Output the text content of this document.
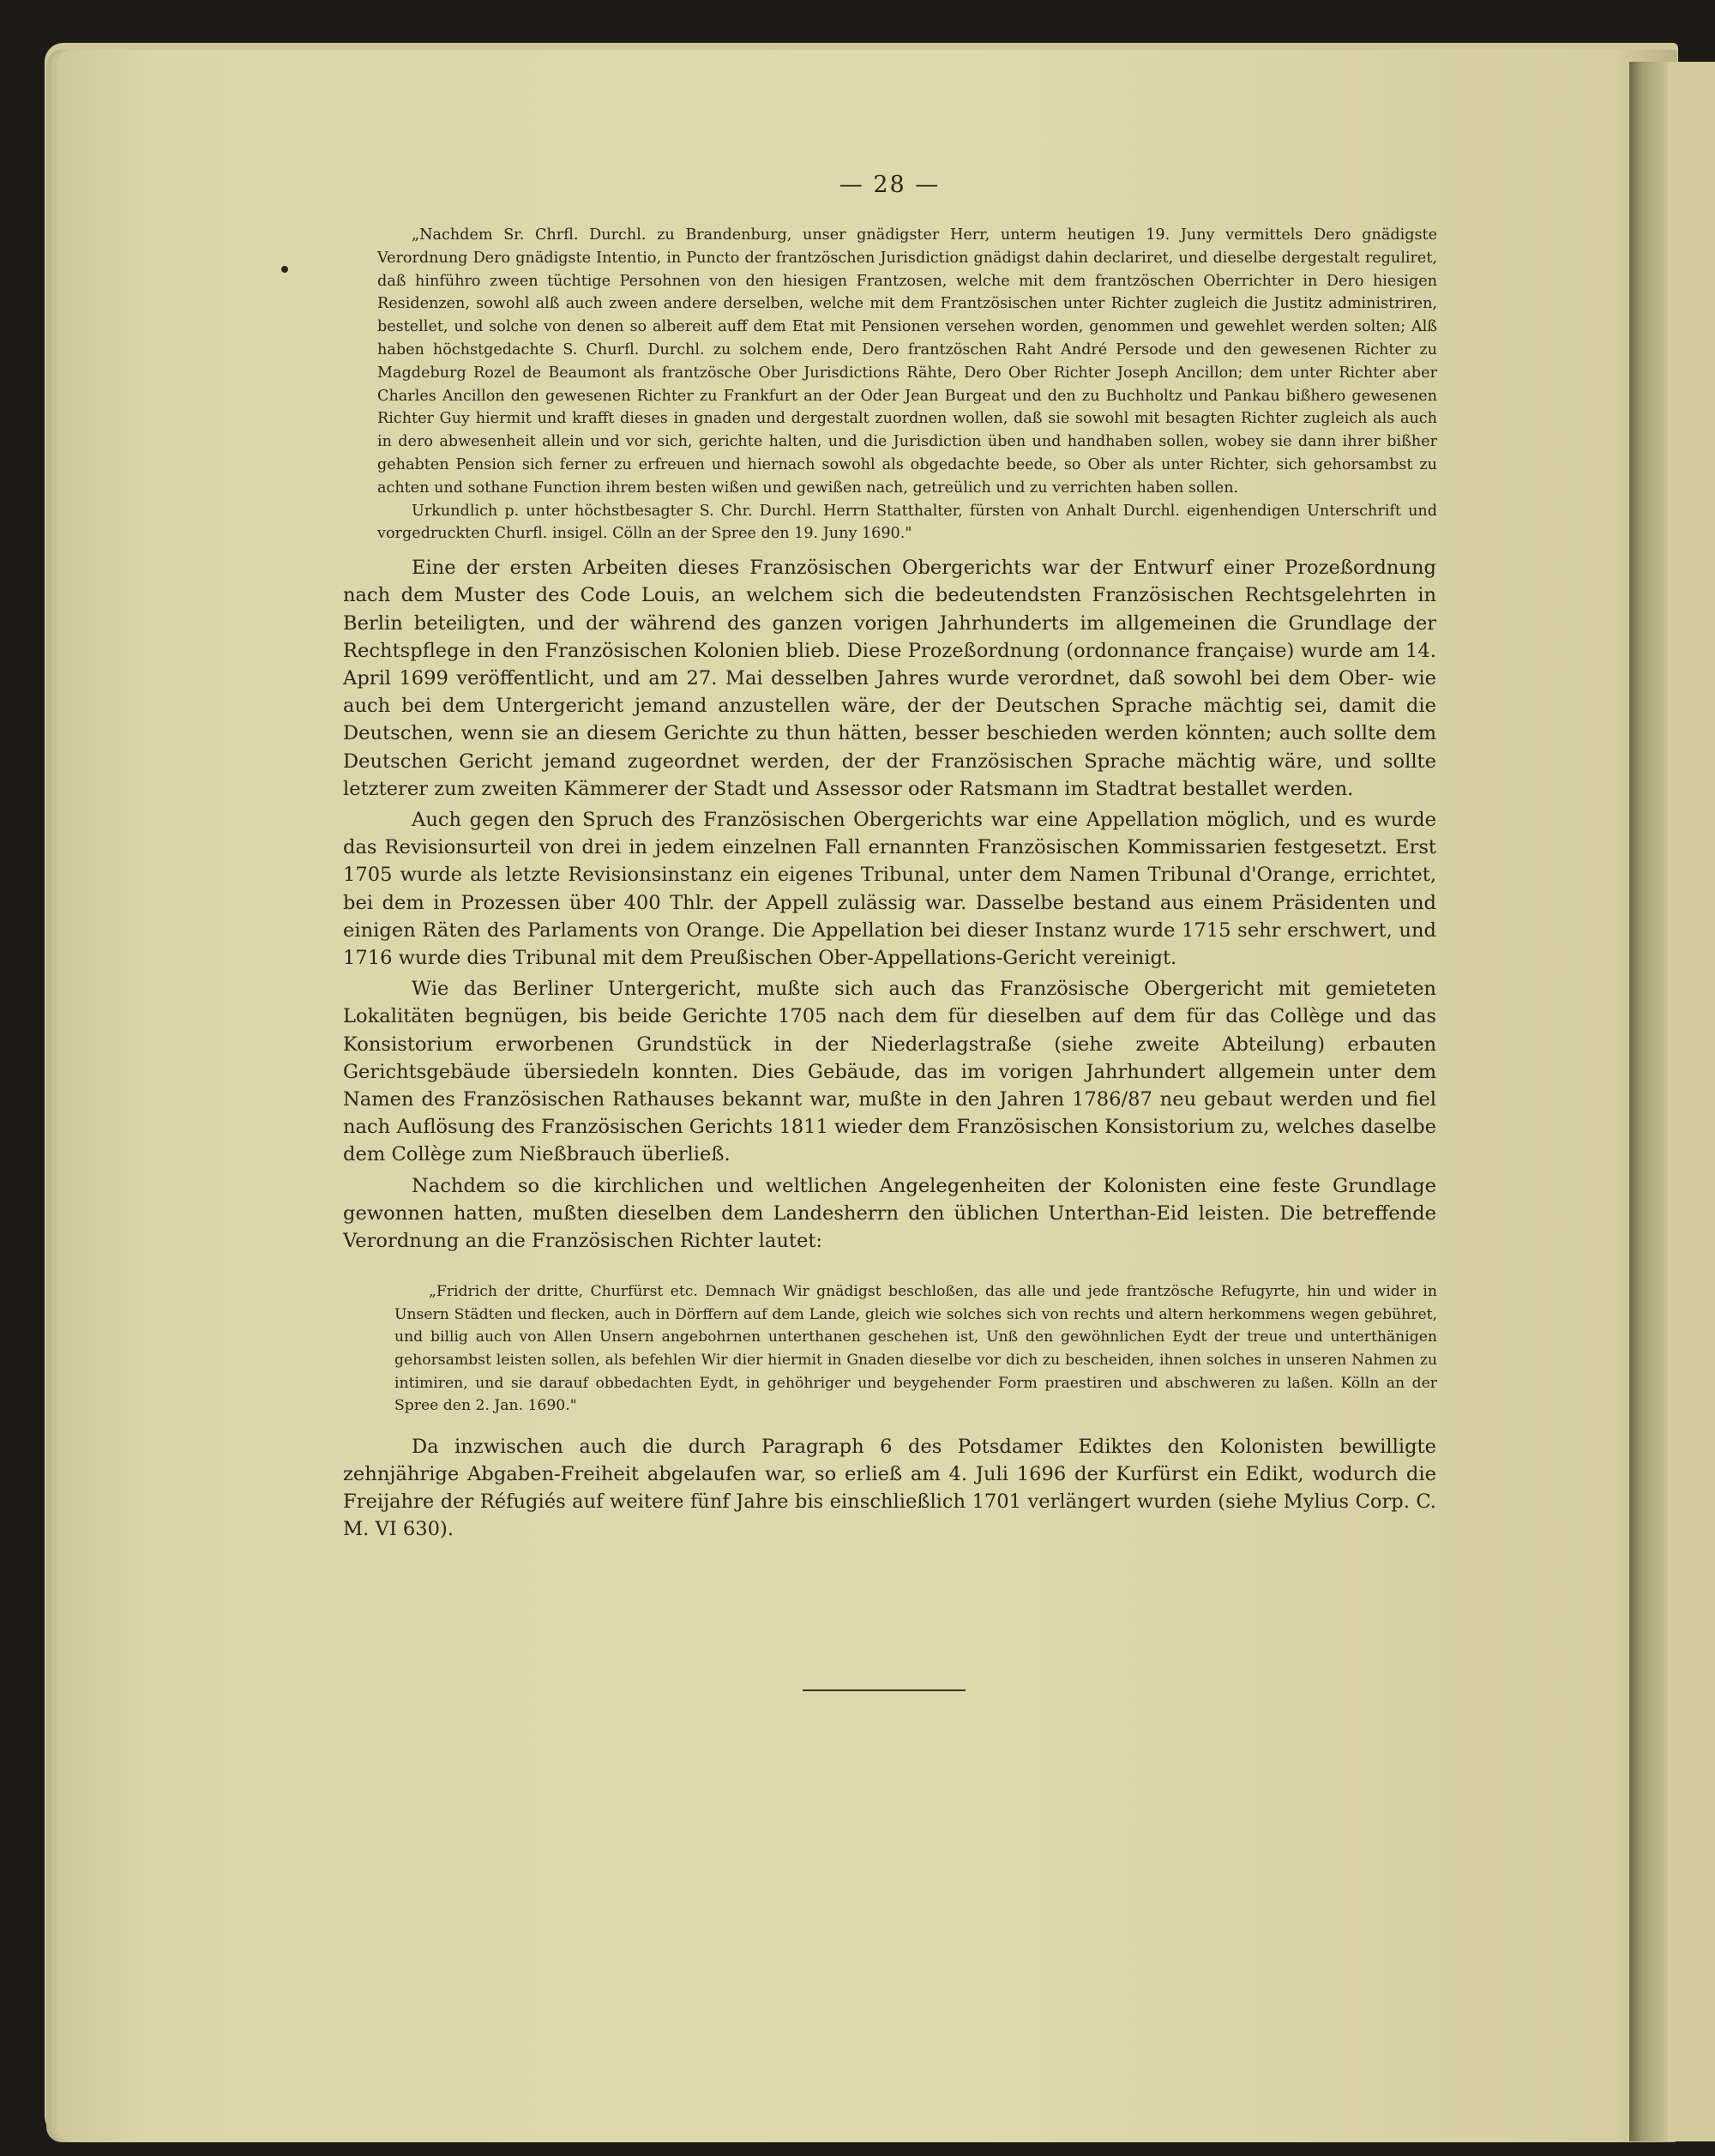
— 28 —

„Nachdem Sr. Chrfl. Durchl. zu Brandenburg, unser gnädigster Herr, unterm heutigen 19. Juny vermittels Dero gnädigste Verordnung Dero gnädigste Intentio, in Puncto der frantzöschen Jurisdiction gnädigst dahin declariret, und dieselbe dergestalt reguliret, daß hinführo zween tüchtige Persohnen von den hiesigen Frantzosen, welche mit dem frantzöschen Oberrichter in Dero hiesigen Residenzen, sowohl alß auch zween andere derselben, welche mit dem Frantzösischen unter Richter zugleich die Justitz administriren, bestellet, und solche von denen so albereit auff dem Etat mit Pensionen versehen worden, genommen und gewehlet werden solten; Alß haben höchstgedachte S. Churfl. Durchl. zu solchem ende, Dero frantzöschen Raht André Persode und den gewesenen Richter zu Magdeburg Rozel de Beaumont als frantzösche Ober Jurisdictions Rähte, Dero Ober Richter Joseph Ancillon; dem unter Richter aber Charles Ancillon den gewesenen Richter zu Frankfurt an der Oder Jean Burgeat und den zu Buchholtz und Pankau bißhero gewesenen Richter Guy hiermit und krafft dieses in gnaden und dergestalt zuordnen wollen, daß sie sowohl mit besagten Richter zugleich als auch in dero abwesenheit allein und vor sich, gerichte halten, und die Jurisdiction üben und handhaben sollen, wobey sie dann ihrer bißher gehabten Pension sich ferner zu erfreuen und hiernach sowohl als obgedachte beede, so Ober als unter Richter, sich gehorsambst zu achten und sothane Function ihrem besten wißen und gewißen nach, getreülich und zu verrichten haben sollen.

Urkundlich p. unter höchstbesagter S. Chr. Durchl. Herrn Statthalter, fürsten von Anhalt Durchl. eigenhendigen Unterschrift und vorgedruckten Churfl. insigel. Cölln an der Spree den 19. Juny 1690."

Eine der ersten Arbeiten dieses Französischen Obergerichts war der Entwurf einer Prozeßordnung nach dem Muster des Code Louis, an welchem sich die bedeutendsten Französischen Rechtsgelehrten in Berlin beteiligten, und der während des ganzen vorigen Jahrhunderts im allgemeinen die Grundlage der Rechtspflege in den Französischen Kolonien blieb. Diese Prozeßordnung (ordonnance française) wurde am 14. April 1699 veröffentlicht, und am 27. Mai desselben Jahres wurde verordnet, daß sowohl bei dem Ober- wie auch bei dem Untergericht jemand anzustellen wäre, der der Deutschen Sprache mächtig sei, damit die Deutschen, wenn sie an diesem Gerichte zu thun hätten, besser beschieden werden könnten; auch sollte dem Deutschen Gericht jemand zugeordnet werden, der der Französischen Sprache mächtig wäre, und sollte letzterer zum zweiten Kämmerer der Stadt und Assessor oder Ratsmann im Stadtrat bestallet werden.

Auch gegen den Spruch des Französischen Obergerichts war eine Appellation möglich, und es wurde das Revisionsurteil von drei in jedem einzelnen Fall ernannten Französischen Kommissarien festgesetzt. Erst 1705 wurde als letzte Revisionsinstanz ein eigenes Tribunal, unter dem Namen Tribunal d'Orange, errichtet, bei dem in Prozessen über 400 Thlr. der Appell zulässig war. Dasselbe bestand aus einem Präsidenten und einigen Räten des Parlaments von Orange. Die Appellation bei dieser Instanz wurde 1715 sehr erschwert, und 1716 wurde dies Tribunal mit dem Preußischen Ober-Appellations-Gericht vereinigt.

Wie das Berliner Untergericht, mußte sich auch das Französische Obergericht mit gemieteten Lokalitäten begnügen, bis beide Gerichte 1705 nach dem für dieselben auf dem für das Collège und das Konsistorium erworbenen Grundstück in der Niederlagstraße (siehe zweite Abteilung) erbauten Gerichtsgebäude übersiedeln konnten. Dies Gebäude, das im vorigen Jahrhundert allgemein unter dem Namen des Französischen Rathauses bekannt war, mußte in den Jahren 1786/87 neu gebaut werden und fiel nach Auflösung des Französischen Gerichts 1811 wieder dem Französischen Konsistorium zu, welches daselbe dem Collège zum Nießbrauch überließ.

Nachdem so die kirchlichen und weltlichen Angelegenheiten der Kolonisten eine feste Grundlage gewonnen hatten, mußten dieselben dem Landesherrn den üblichen Unterthan-Eid leisten. Die betreffende Verordnung an die Französischen Richter lautet:

„Fridrich der dritte, Churfürst etc. Demnach Wir gnädigst beschloßen, das alle und jede frantzösche Refugyrte, hin und wider in Unsern Städten und flecken, auch in Dörffern auf dem Lande, gleich wie solches sich von rechts und altern herkommens wegen gebühret, und billig auch von Allen Unsern angebohrnen unterthanen geschehen ist, Unß den gewöhnlichen Eydt der treue und unterthänigen gehorsambst leisten sollen, als befehlen Wir dier hiermit in Gnaden dieselbe vor dich zu bescheiden, ihnen solches in unseren Nahmen zu intimiren, und sie darauf obbedachten Eydt, in gehöhriger und beygehender Form praestiren und abschweren zu laßen. Kölln an der Spree den 2. Jan. 1690."

Da inzwischen auch die durch Paragraph 6 des Potsdamer Ediktes den Kolonisten bewilligte zehnjährige Abgaben-Freiheit abgelaufen war, so erließ am 4. Juli 1696 der Kurfürst ein Edikt, wodurch die Freijahre der Réfugiés auf weitere fünf Jahre bis einschließlich 1701 verlängert wurden (siehe Mylius Corp. C. M. VI 630).
